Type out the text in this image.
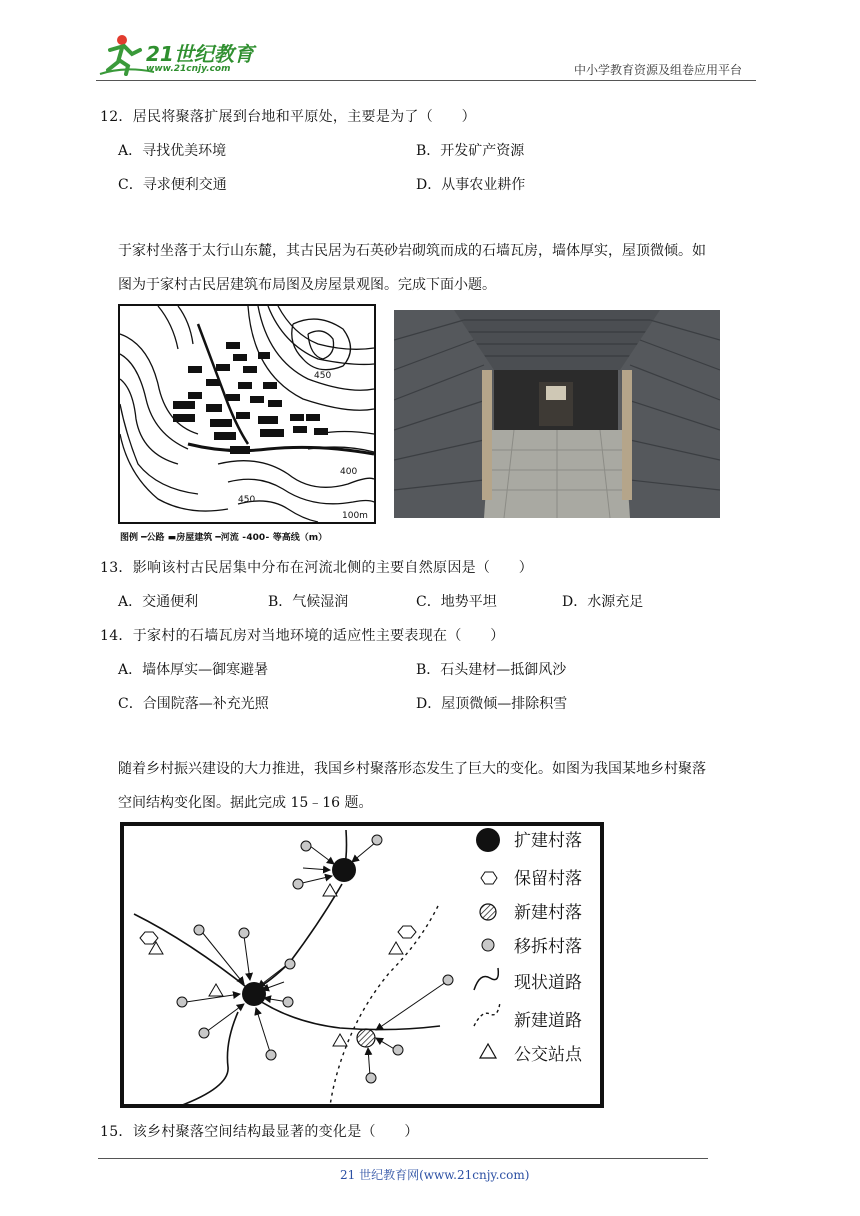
21世纪教育
www.21cnjy.com	中小学教育资源及组卷应用平台
12．居民将聚落扩展到台地和平原处，主要是为了（　　）
A．寻找优美环境	B．开发矿产资源
C．寻求便利交通	D．从事农业耕作
于家村坐落于太行山东麓，其古民居为石英砂岩砌筑而成的石墙瓦房，墙体厚实，屋顶微倾。如
图为于家村古民居建筑布局图及房屋景观图。完成下面小题。
450
400
450
100m
图例 ━公路 ▬房屋建筑 ━河流 ⁃400⁃ 等高线（m）
13．影响该村古民居集中分布在河流北侧的主要自然原因是（　　）
A．交通便利	B．气候湿润	C．地势平坦	D．水源充足
14．于家村的石墙瓦房对当地环境的适应性主要表现在（　　）
A．墙体厚实—御寒避暑	B．石头建材—抵御风沙
C．合围院落—补充光照	D．屋顶微倾—排除积雪
随着乡村振兴建设的大力推进，我国乡村聚落形态发生了巨大的变化。如图为我国某地乡村聚落
空间结构变化图。据此完成 15﹣16 题。
扩建村落
保留村落
新建村落
移拆村落
现状道路
新建道路
公交站点
15．该乡村聚落空间结构最显著的变化是（　　）
21 世纪教育网(www.21cnjy.com)
